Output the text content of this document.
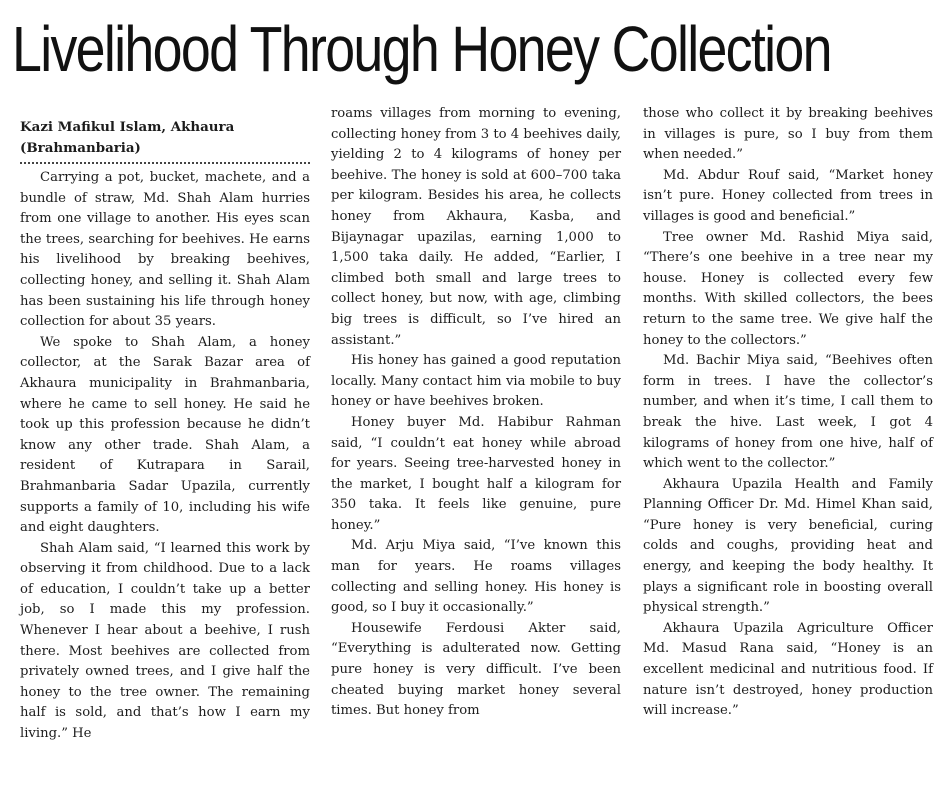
Livelihood Through Honey Collection
Kazi Mafikul Islam, Akhaura
(Brahmanbaria)

Carrying a pot, bucket, machete, and a bundle of straw, Md. Shah Alam hurries from one village to another. His eyes scan the trees, searching for beehives. He earns his livelihood by breaking beehives, collecting honey, and selling it. Shah Alam has been sustaining his life through honey collection for about 35 years.

We spoke to Shah Alam, a honey collector, at the Sarak Bazar area of Akhaura municipality in Brahmanbaria, where he came to sell honey. He said he took up this profession because he didn’t know any other trade. Shah Alam, a resident of Kutrapara in Sarail, Brahmanbaria Sadar Upazila, currently supports a family of 10, including his wife and eight daughters.

Shah Alam said, “I learned this work by observing it from childhood. Due to a lack of education, I couldn’t take up a better job, so I made this my profession. Whenever I hear about a beehive, I rush there. Most beehives are collected from privately owned trees, and I give half the honey to the tree owner. The remaining half is sold, and that’s how I earn my living.” He

roams villages from morning to evening, collecting honey from 3 to 4 beehives daily, yielding 2 to 4 kilograms of honey per beehive. The honey is sold at 600–700 taka per kilogram. Besides his area, he collects honey from Akhaura, Kasba, and Bijaynagar upazilas, earning 1,000 to 1,500 taka daily. He added, “Earlier, I climbed both small and large trees to collect honey, but now, with age, climbing big trees is difficult, so I’ve hired an assistant.”

His honey has gained a good reputation locally. Many contact him via mobile to buy honey or have beehives broken.

Honey buyer Md. Habibur Rahman said, “I couldn’t eat honey while abroad for years. Seeing tree-harvested honey in the market, I bought half a kilogram for 350 taka. It feels like genuine, pure honey.”

Md. Arju Miya said, “I’ve known this man for years. He roams villages collecting and selling honey. His honey is good, so I buy it occasionally.”

Housewife Ferdousi Akter said, “Everything is adulterated now. Getting pure honey is very difficult. I’ve been cheated buying market honey several times. But honey from

those who collect it by breaking beehives in villages is pure, so I buy from them when needed.”

Md. Abdur Rouf said, “Market honey isn’t pure. Honey collected from trees in villages is good and beneficial.”

Tree owner Md. Rashid Miya said, “There’s one beehive in a tree near my house. Honey is collected every few months. With skilled collectors, the bees return to the same tree. We give half the honey to the collectors.”

Md. Bachir Miya said, “Beehives often form in trees. I have the collector’s number, and when it’s time, I call them to break the hive. Last week, I got 4 kilograms of honey from one hive, half of which went to the collector.”

Akhaura Upazila Health and Family Planning Officer Dr. Md. Himel Khan said, “Pure honey is very beneficial, curing colds and coughs, providing heat and energy, and keeping the body healthy. It plays a significant role in boosting overall physical strength.”

Akhaura Upazila Agriculture Officer Md. Masud Rana said, “Honey is an excellent medicinal and nutritious food. If nature isn’t destroyed, honey production will increase.”
